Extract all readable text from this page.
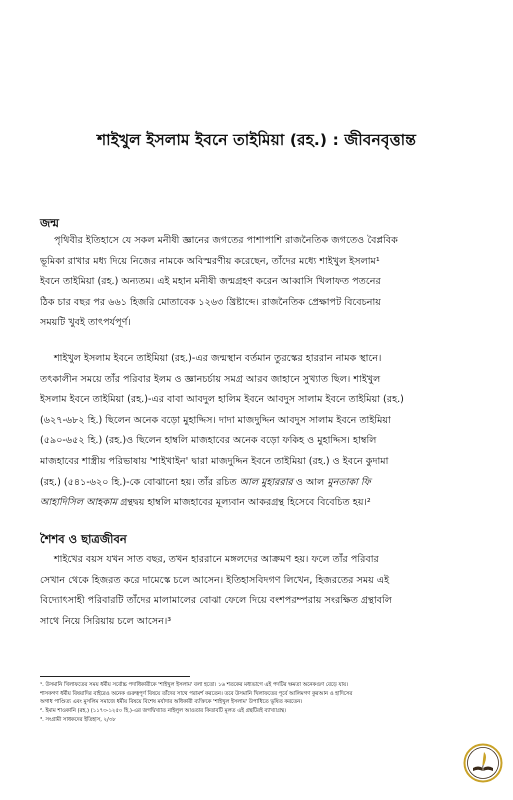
শাইখুল ইসলাম ইবনে তাইমিয়া (রহ.) : জীবনবৃত্তান্ত
জন্ম
পৃথিবীর ইতিহাসে যে সকল মনীষী জ্ঞানের জগতের পাশাপাশি রাজনৈতিক জগতেও বৈপ্লবিক
ভূমিকা রাখার মধ্য দিয়ে নিজের নামকে অবিস্মরণীয় করেছেন, তাঁদের মধ্যে শাইখুল ইসলাম¹
ইবনে তাইমিয়া (রহ.) অন্যতম। এই মহান মনীষী জন্মগ্রহণ করেন আব্বাসি খিলাফত পতনের
ঠিক চার বছর পর ৬৬১ হিজরি মোতাবেক ১২৬৩ খ্রিষ্টাব্দে। রাজনৈতিক প্রেক্ষাপট বিবেচনায়
সময়টি খুবই তাৎপর্যপূর্ণ।
শাইখুল ইসলাম ইবনে তাইমিয়া (রহ.)-এর জন্মস্থান বর্তমান তুরস্কের হাররান নামক স্থানে।
তৎকালীন সময়ে তাঁর পরিবার ইলম ও জ্ঞানচর্চায় সমগ্র আরব জাহানে সুখ্যাত ছিল। শাইখুল
ইসলাম ইবনে তাইমিয়া (রহ.)-এর বাবা আবদুল হালিম ইবনে আবদুস সালাম ইবনে তাইমিয়া (রহ.)
(৬২৭-৬৮২ হি.) ছিলেন অনেক বড়ো মুহাদ্দিস। দাদা মাজদুদ্দিন আবদুস সালাম ইবনে তাইমিয়া
(৫৯০-৬৫২ হি.) (রহ.)ও ছিলেন হাম্বলি মাজহাবের অনেক বড়ো ফকিহ ও মুহাদ্দিস। হাম্বলি
মাজহাবের শাস্ত্রীয় পরিভাষায় 'শাইখাইন' দ্বারা মাজদুদ্দিন ইবনে তাইমিয়া (রহ.) ও ইবনে কুদামা
(রহ.) (৫৪১-৬২০ হি.)-কে বোঝানো হয়। তাঁর রচিত আল মুহাররার ও আল মুনতাকা ফি
আহাদিসিল আহকাম গ্রন্থদ্বয় হাম্বলি মাজহাবের মূল্যবান আকরগ্রন্থ হিসেবে বিবেচিত হয়।²
শৈশব ও ছাত্রজীবন
শাইখের বয়স যখন সাত বছর, তখন হাররানে মঙ্গলদের আক্রমণ হয়। ফলে তাঁর পরিবার
সেখান থেকে হিজরত করে দামেস্কে চলে আসেন। ইতিহাসবিদগণ লিখেন, হিজরতের সময় এই
বিদ্যোৎসাহী পরিবারটি তাঁদের মালামালের বোঝা ফেলে দিয়ে বংশপরম্পরায় সংরক্ষিত গ্রন্থাবলি
সাথে নিয়ে সিরিয়ায় চলে আসেন।³
¹. উসমানি খিলাফতের সময় ধর্মীয় সর্বোচ্চ পদাধিকারীকে 'শাইখুল ইসলাম' বলা হতো। ১৬ শতকের মধ্যভাগে এই পদটির ক্ষমতা অনেকগুণ বেড়ে যায়।
শাসকগণ ধর্মীয় বিষয়াদির বাইরেও অনেক গুরুত্বপূর্ণ বিষয়ে তাঁদের সাথে পরামর্শ করতেন। তবে উসমানি খিলাফতের পূর্বে আলিমগণ কুরআন ও হাদিসের
অগাধ পাণ্ডিত্য এবং মুসলিম সমাজে ধর্মীয় বিষয়ে বিশেষ মর্যাদার অধিকারী ব্যক্তিকে 'শাইখুল ইসলাম' উপাধিতে ভূষিত করতেন।
². ইমাম শাওকানি (রহ.) (১১৭৩-১২৫০ হি.)-এর জগদ্বিখ্যাত নাইলুল আওতার কিতাবটি মূলত এই গ্রন্থটিরই ব্যাখ্যাগ্রন্থ।
³. সংগ্রামী সাধকদের ইতিহাস, ২/৩৮
